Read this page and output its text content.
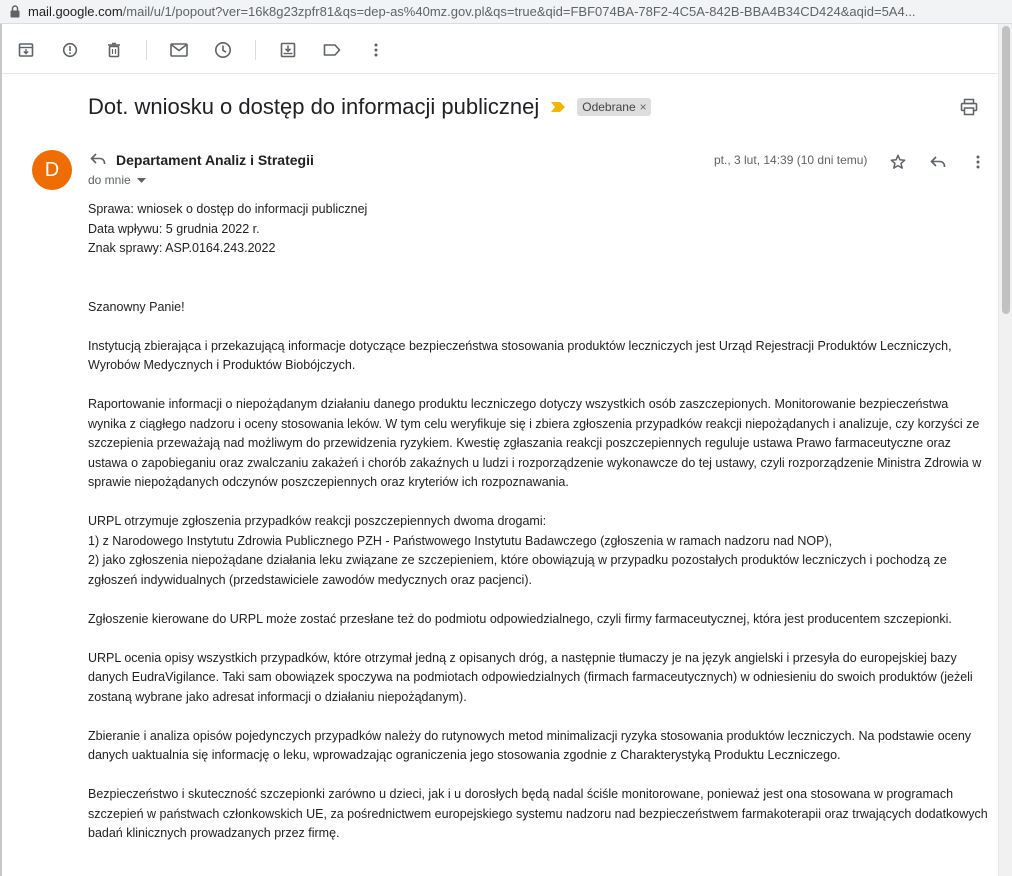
mail.google.com /mail/u/1/popout?ver=16k8g23zpfr81&qs=dep-as%40mz.gov.pl&qs=true&qid=FBF074BA-78F2-4C5A-842B-BBA4B34CD424&aqid=5A4...
Dot. wniosku o dostęp do informacji publicznej	Odebrane ×
D	Departament Analiz i Strategii
do mnie
pt., 3 lut, 14:39 (10 dni temu)

Sprawa: wniosek o dostęp do informacji publicznej

Data wpływu: 5 grudnia 2022 r.

Znak sprawy: ASP.0164.243.2022

Szanowny Panie!

Instytucją zbierająca i przekazującą informacje dotyczące bezpieczeństwa stosowania produktów leczniczych jest Urząd Rejestracji Produktów Leczniczych, Wyrobów Medycznych i Produktów Biobójczych.

Raportowanie informacji o niepożądanym działaniu danego produktu leczniczego dotyczy wszystkich osób zaszczepionych. Monitorowanie bezpieczeństwa wynika z ciągłego nadzoru i oceny stosowania leków. W tym celu weryfikuje się i zbiera zgłoszenia przypadków reakcji niepożądanych i analizuje, czy korzyści ze szczepienia przeważają nad możliwym do przewidzenia ryzykiem. Kwestię zgłaszania reakcji poszczepiennych reguluje ustawa Prawo farmaceutyczne oraz ustawa o zapobieganiu oraz zwalczaniu zakażeń i chorób zakaźnych u ludzi i rozporządzenie wykonawcze do tej ustawy, czyli rozporządzenie Ministra Zdrowia w sprawie niepożądanych odczynów poszczepiennych oraz kryteriów ich rozpoznawania.

URPL otrzymuje zgłoszenia przypadków reakcji poszczepiennych dwoma drogami:

1) z Narodowego Instytutu Zdrowia Publicznego PZH - Państwowego Instytutu Badawczego (zgłoszenia w ramach nadzoru nad NOP),

2) jako zgłoszenia niepożądane działania leku związane ze szczepieniem, które obowiązują w przypadku pozostałych produktów leczniczych i pochodzą ze zgłoszeń indywidualnych (przedstawiciele zawodów medycznych oraz pacjenci).

Zgłoszenie kierowane do URPL może zostać przesłane też do podmiotu odpowiedzialnego, czyli firmy farmaceutycznej, która jest producentem szczepionki.

URPL ocenia opisy wszystkich przypadków, które otrzymał jedną z opisanych dróg, a następnie tłumaczy je na język angielski i przesyła do europejskiej bazy danych EudraVigilance. Taki sam obowiązek spoczywa na podmiotach odpowiedzialnych (firmach farmaceutycznych) w odniesieniu do swoich produktów (jeżeli zostaną wybrane jako adresat informacji o działaniu niepożądanym).

Zbieranie i analiza opisów pojedynczych przypadków należy do rutynowych metod minimalizacji ryzyka stosowania produktów leczniczych. Na podstawie oceny danych uaktualnia się informację o leku, wprowadzając ograniczenia jego stosowania zgodnie z Charakterystyką Produktu Leczniczego.

Bezpieczeństwo i skuteczność szczepionki zarówno u dzieci, jak i u dorosłych będą nadal ściśle monitorowane, ponieważ jest ona stosowana w programach szczepień w państwach członkowskich UE, za pośrednictwem europejskiego systemu nadzoru nad bezpieczeństwem farmakoterapii oraz trwających dodatkowych badań klinicznych prowadzanych przez firmę.
